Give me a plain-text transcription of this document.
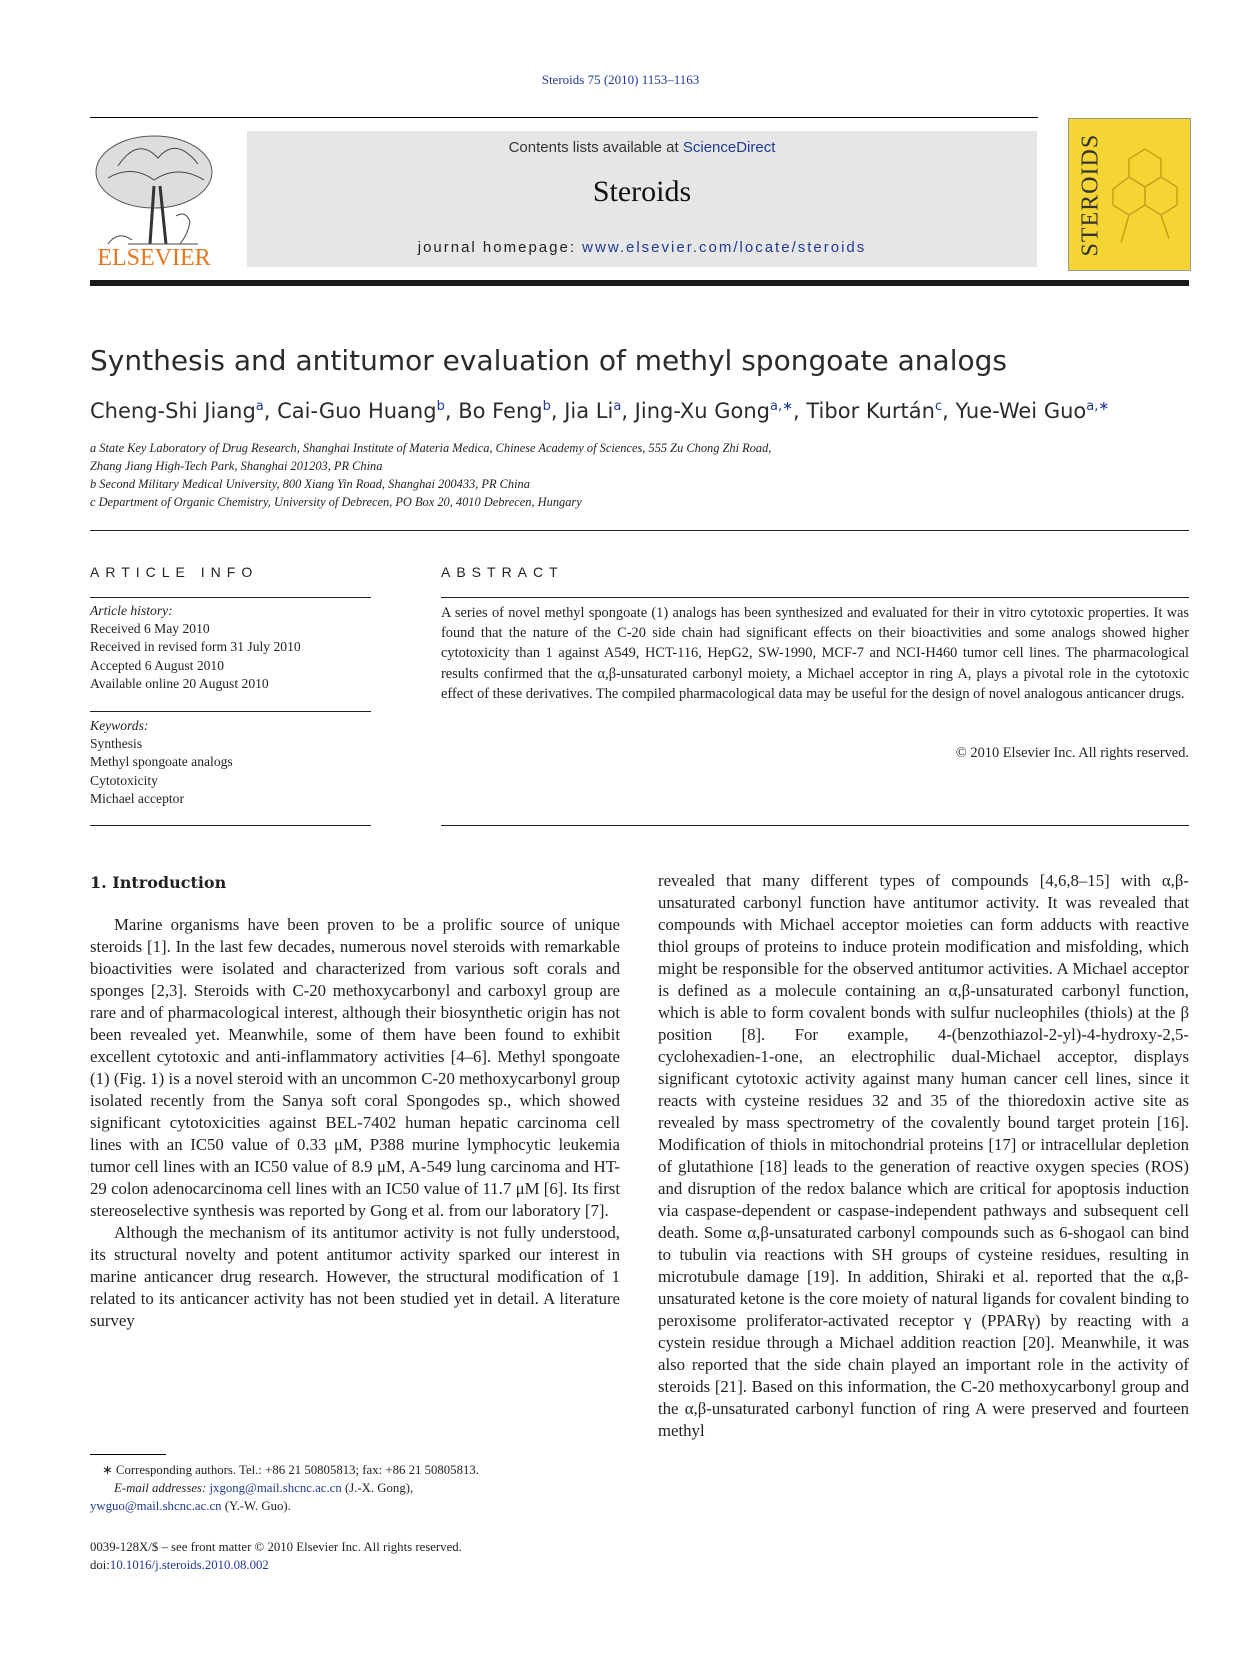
Steroids 75 (2010) 1153–1163
ELSEVIER
Contents lists available at ScienceDirect
Steroids
journal homepage: www.elsevier.com/locate/steroids	STEROIDS
Synthesis and antitumor evaluation of methyl spongoate analogs
Cheng-Shi Jiang$^a$, Cai-Guo Huang$^b$, Bo Feng$^b$, Jia Li$^a$, Jing-Xu Gong$^{a,∗}$, Tibor Kurtán$^c$, Yue-Wei Guo$^{a,∗}$
a State Key Laboratory of Drug Research, Shanghai Institute of Materia Medica, Chinese Academy of Sciences, 555 Zu Chong Zhi Road,
Zhang Jiang High-Tech Park, Shanghai 201203, PR China
b Second Military Medical University, 800 Xiang Yin Road, Shanghai 200433, PR China
c Department of Organic Chemistry, University of Debrecen, PO Box 20, 4010 Debrecen, Hungary
ARTICLE INFO
Article history:
Received 6 May 2010
Received in revised form 31 July 2010
Accepted 6 August 2010
Available online 20 August 2010
Keywords:
Synthesis
Methyl spongoate analogs
Cytotoxicity
Michael acceptor
ABSTRACT
A series of novel methyl spongoate (1) analogs has been synthesized and evaluated for their in vitro cytotoxic properties. It was found that the nature of the C-20 side chain had significant effects on their bioactivities and some analogs showed higher cytotoxicity than 1 against A549, HCT-116, HepG2, SW-1990, MCF-7 and NCI-H460 tumor cell lines. The pharmacological results confirmed that the α,β-unsaturated carbonyl moiety, a Michael acceptor in ring A, plays a pivotal role in the cytotoxic effect of these derivatives. The compiled pharmacological data may be useful for the design of novel analogous anticancer drugs.
© 2010 Elsevier Inc. All rights reserved.
1. Introduction

Marine organisms have been proven to be a prolific source of unique steroids [1]. In the last few decades, numerous novel steroids with remarkable bioactivities were isolated and characterized from various soft corals and sponges [2,3]. Steroids with C-20 methoxycarbonyl and carboxyl group are rare and of pharmacological interest, although their biosynthetic origin has not been revealed yet. Meanwhile, some of them have been found to exhibit excellent cytotoxic and anti-inflammatory activities [4–6]. Methyl spongoate (1) (Fig. 1) is a novel steroid with an uncommon C-20 methoxycarbonyl group isolated recently from the Sanya soft coral Spongodes sp., which showed significant cytotoxicities against BEL-7402 human hepatic carcinoma cell lines with an IC50 value of 0.33 μM, P388 murine lymphocytic leukemia tumor cell lines with an IC50 value of 8.9 μM, A-549 lung carcinoma and HT-29 colon adenocarcinoma cell lines with an IC50 value of 11.7 μM [6]. Its first stereoselective synthesis was reported by Gong et al. from our laboratory [7].

Although the mechanism of its antitumor activity is not fully understood, its structural novelty and potent antitumor activity sparked our interest in marine anticancer drug research. However, the structural modification of 1 related to its anticancer activity has not been studied yet in detail. A literature survey

revealed that many different types of compounds [4,6,8–15] with α,β-unsaturated carbonyl function have antitumor activity. It was revealed that compounds with Michael acceptor moieties can form adducts with reactive thiol groups of proteins to induce protein modification and misfolding, which might be responsible for the observed antitumor activities. A Michael acceptor is defined as a molecule containing an α,β-unsaturated carbonyl function, which is able to form covalent bonds with sulfur nucleophiles (thiols) at the β position [8]. For example, 4-(benzothiazol-2-yl)-4-hydroxy-2,5-cyclohexadien-1-one, an electrophilic dual-Michael acceptor, displays significant cytotoxic activity against many human cancer cell lines, since it reacts with cysteine residues 32 and 35 of the thioredoxin active site as revealed by mass spectrometry of the covalently bound target protein [16]. Modification of thiols in mitochondrial proteins [17] or intracellular depletion of glutathione [18] leads to the generation of reactive oxygen species (ROS) and disruption of the redox balance which are critical for apoptosis induction via caspase-dependent or caspase-independent pathways and subsequent cell death. Some α,β-unsaturated carbonyl compounds such as 6-shogaol can bind to tubulin via reactions with SH groups of cysteine residues, resulting in microtubule damage [19]. In addition, Shiraki et al. reported that the α,β-unsaturated ketone is the core moiety of natural ligands for covalent binding to peroxisome proliferator-activated receptor γ (PPARγ) by reacting with a cystein residue through a Michael addition reaction [20]. Meanwhile, it was also reported that the side chain played an important role in the activity of steroids [21]. Based on this information, the C-20 methoxycarbonyl group and the α,β-unsaturated carbonyl function of ring A were preserved and fourteen methyl

∗ Corresponding authors. Tel.: +86 21 50805813; fax: +86 21 50805813.
E-mail addresses: jxgong@mail.shcnc.ac.cn (J.-X. Gong),
ywguo@mail.shcnc.ac.cn (Y.-W. Guo).
0039-128X/$ – see front matter © 2010 Elsevier Inc. All rights reserved.
doi:10.1016/j.steroids.2010.08.002
